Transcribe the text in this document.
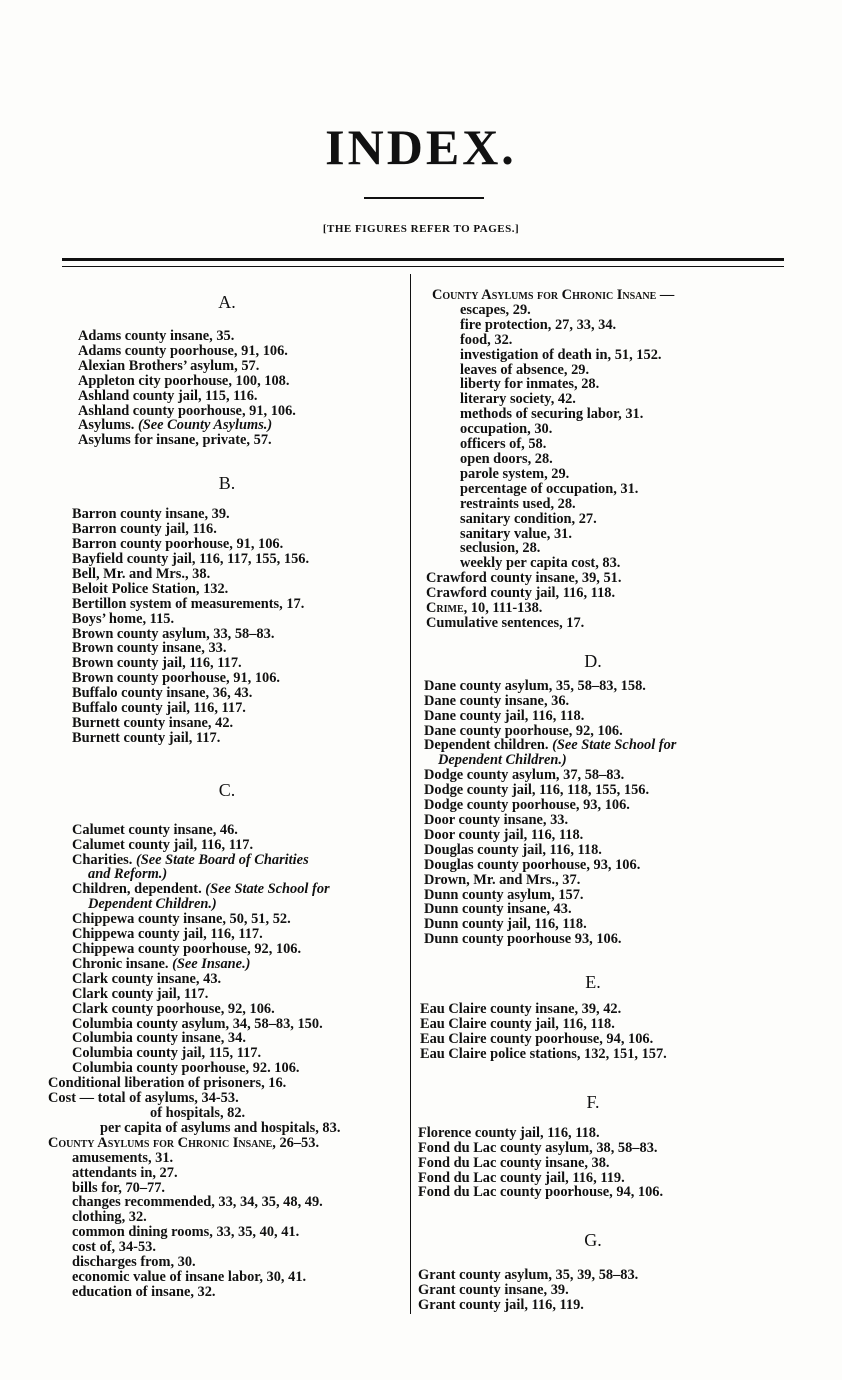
INDEX.
[THE FIGURES REFER TO PAGES.]
A.
Adams county insane, 35.
Adams county poorhouse, 91, 106.
Alexian Brothers’ asylum, 57.
Appleton city poorhouse, 100, 108.
Ashland county jail, 115, 116.
Ashland county poorhouse, 91, 106.
Asylums. (See County Asylums.)
Asylums for insane, private, 57.
B.
Barron county insane, 39.
Barron county jail, 116.
Barron county poorhouse, 91, 106.
Bayfield county jail, 116, 117, 155, 156.
Bell, Mr. and Mrs., 38.
Beloit Police Station, 132.
Bertillon system of measurements, 17.
Boys’ home, 115.
Brown county asylum, 33, 58–83.
Brown county insane, 33.
Brown county jail, 116, 117.
Brown county poorhouse, 91, 106.
Buffalo county insane, 36, 43.
Buffalo county jail, 116, 117.
Burnett county insane, 42.
Burnett county jail, 117.
C.
Calumet county insane, 46.
Calumet county jail, 116, 117.
Charities. (See State Board of Charities
and Reform.)
Children, dependent. (See State School for
Dependent Children.)
Chippewa county insane, 50, 51, 52.
Chippewa county jail, 116, 117.
Chippewa county poorhouse, 92, 106.
Chronic insane. (See Insane.)
Clark county insane, 43.
Clark county jail, 117.
Clark county poorhouse, 92, 106.
Columbia county asylum, 34, 58–83, 150.
Columbia county insane, 34.
Columbia county jail, 115, 117.
Columbia county poorhouse, 92. 106.
Conditional liberation of prisoners, 16.
Cost — total of asylums, 34-53.
of hospitals, 82.
per capita of asylums and hospitals, 83.
County Asylums for Chronic Insane, 26–53.
amusements, 31.
attendants in, 27.
bills for, 70–77.
changes recommended, 33, 34, 35, 48, 49.
clothing, 32.
common dining rooms, 33, 35, 40, 41.
cost of, 34-53.
discharges from, 30.
economic value of insane labor, 30, 41.
education of insane, 32.
County Asylums for Chronic Insane —
escapes, 29.
fire protection, 27, 33, 34.
food, 32.
investigation of death in, 51, 152.
leaves of absence, 29.
liberty for inmates, 28.
literary society, 42.
methods of securing labor, 31.
occupation, 30.
officers of, 58.
open doors, 28.
parole system, 29.
percentage of occupation, 31.
restraints used, 28.
sanitary condition, 27.
sanitary value, 31.
seclusion, 28.
weekly per capita cost, 83.
Crawford county insane, 39, 51.
Crawford county jail, 116, 118.
Crime, 10, 111-138.
Cumulative sentences, 17.
D.
Dane county asylum, 35, 58–83, 158.
Dane county insane, 36.
Dane county jail, 116, 118.
Dane county poorhouse, 92, 106.
Dependent children. (See State School for
Dependent Children.)
Dodge county asylum, 37, 58–83.
Dodge county jail, 116, 118, 155, 156.
Dodge county poorhouse, 93, 106.
Door county insane, 33.
Door county jail, 116, 118.
Douglas county jail, 116, 118.
Douglas county poorhouse, 93, 106.
Drown, Mr. and Mrs., 37.
Dunn county asylum, 157.
Dunn county insane, 43.
Dunn county jail, 116, 118.
Dunn county poorhouse 93, 106.
E.
Eau Claire county insane, 39, 42.
Eau Claire county jail, 116, 118.
Eau Claire county poorhouse, 94, 106.
Eau Claire police stations, 132, 151, 157.
F.
Florence county jail, 116, 118.
Fond du Lac county asylum, 38, 58–83.
Fond du Lac county insane, 38.
Fond du Lac county jail, 116, 119.
Fond du Lac county poorhouse, 94, 106.
G.
Grant county asylum, 35, 39, 58–83.
Grant county insane, 39.
Grant county jail, 116, 119.
